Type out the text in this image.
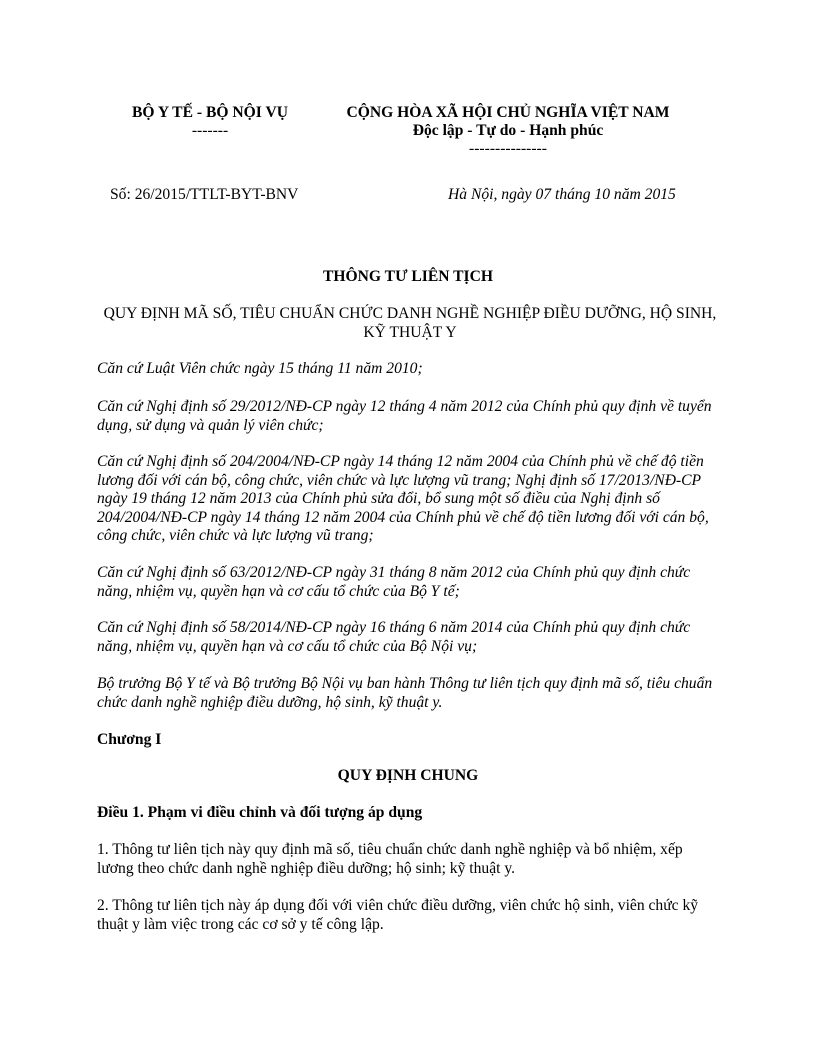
BỘ Y TẾ - BỘ NỘI VỤ
-------
CỘNG HÒA XÃ HỘI CHỦ NGHĨA VIỆT NAM
Độc lập - Tự do - Hạnh phúc
---------------
Số: 26/2015/TTLT-BYT-BNV	Hà Nội, ngày 07 tháng 10 năm 2015
THÔNG TƯ LIÊN TỊCH
QUY ĐỊNH MÃ SỐ, TIÊU CHUẨN CHỨC DANH NGHỀ NGHIỆP ĐIỀU DƯỠNG, HỘ SINH, KỸ THUẬT Y

Căn cứ Luật Viên chức ngày 15 tháng 11 năm 2010;

Căn cứ Nghị định số 29/2012/NĐ-CP ngày 12 tháng 4 năm 2012 của Chính phủ quy định về tuyển dụng, sử dụng và quản lý viên chức;

Căn cứ Nghị định số 204/2004/NĐ-CP ngày 14 tháng 12 năm 2004 của Chính phủ về chế độ tiền lương đối với cán bộ, công chức, viên chức và lực lượng vũ trang; Nghị định số 17/2013/NĐ-CP ngày 19 tháng 12 năm 2013 của Chính phủ sửa đổi, bổ sung một số điều của Nghị định số 204/2004/NĐ-CP ngày 14 tháng 12 năm 2004 của Chính phủ về chế độ tiền lương đối với cán bộ, công chức, viên chức và lực lượng vũ trang;

Căn cứ Nghị định số 63/2012/NĐ-CP ngày 31 tháng 8 năm 2012 của Chính phủ quy định chức năng, nhiệm vụ, quyền hạn và cơ cấu tổ chức của Bộ Y tế;

Căn cứ Nghị định số 58/2014/NĐ-CP ngày 16 tháng 6 năm 2014 của Chính phủ quy định chức năng, nhiệm vụ, quyền hạn và cơ cấu tổ chức của Bộ Nội vụ;

Bộ trưởng Bộ Y tế và Bộ trưởng Bộ Nội vụ ban hành Thông tư liên tịch quy định mã số, tiêu chuẩn chức danh nghề nghiệp điều dưỡng, hộ sinh, kỹ thuật y.

Chương I
QUY ĐỊNH CHUNG
Điều 1. Phạm vi điều chỉnh và đối tượng áp dụng

1. Thông tư liên tịch này quy định mã số, tiêu chuẩn chức danh nghề nghiệp và bổ nhiệm, xếp lương theo chức danh nghề nghiệp điều dưỡng; hộ sinh; kỹ thuật y.

2. Thông tư liên tịch này áp dụng đối với viên chức điều dưỡng, viên chức hộ sinh, viên chức kỹ thuật y làm việc trong các cơ sở y tế công lập.
